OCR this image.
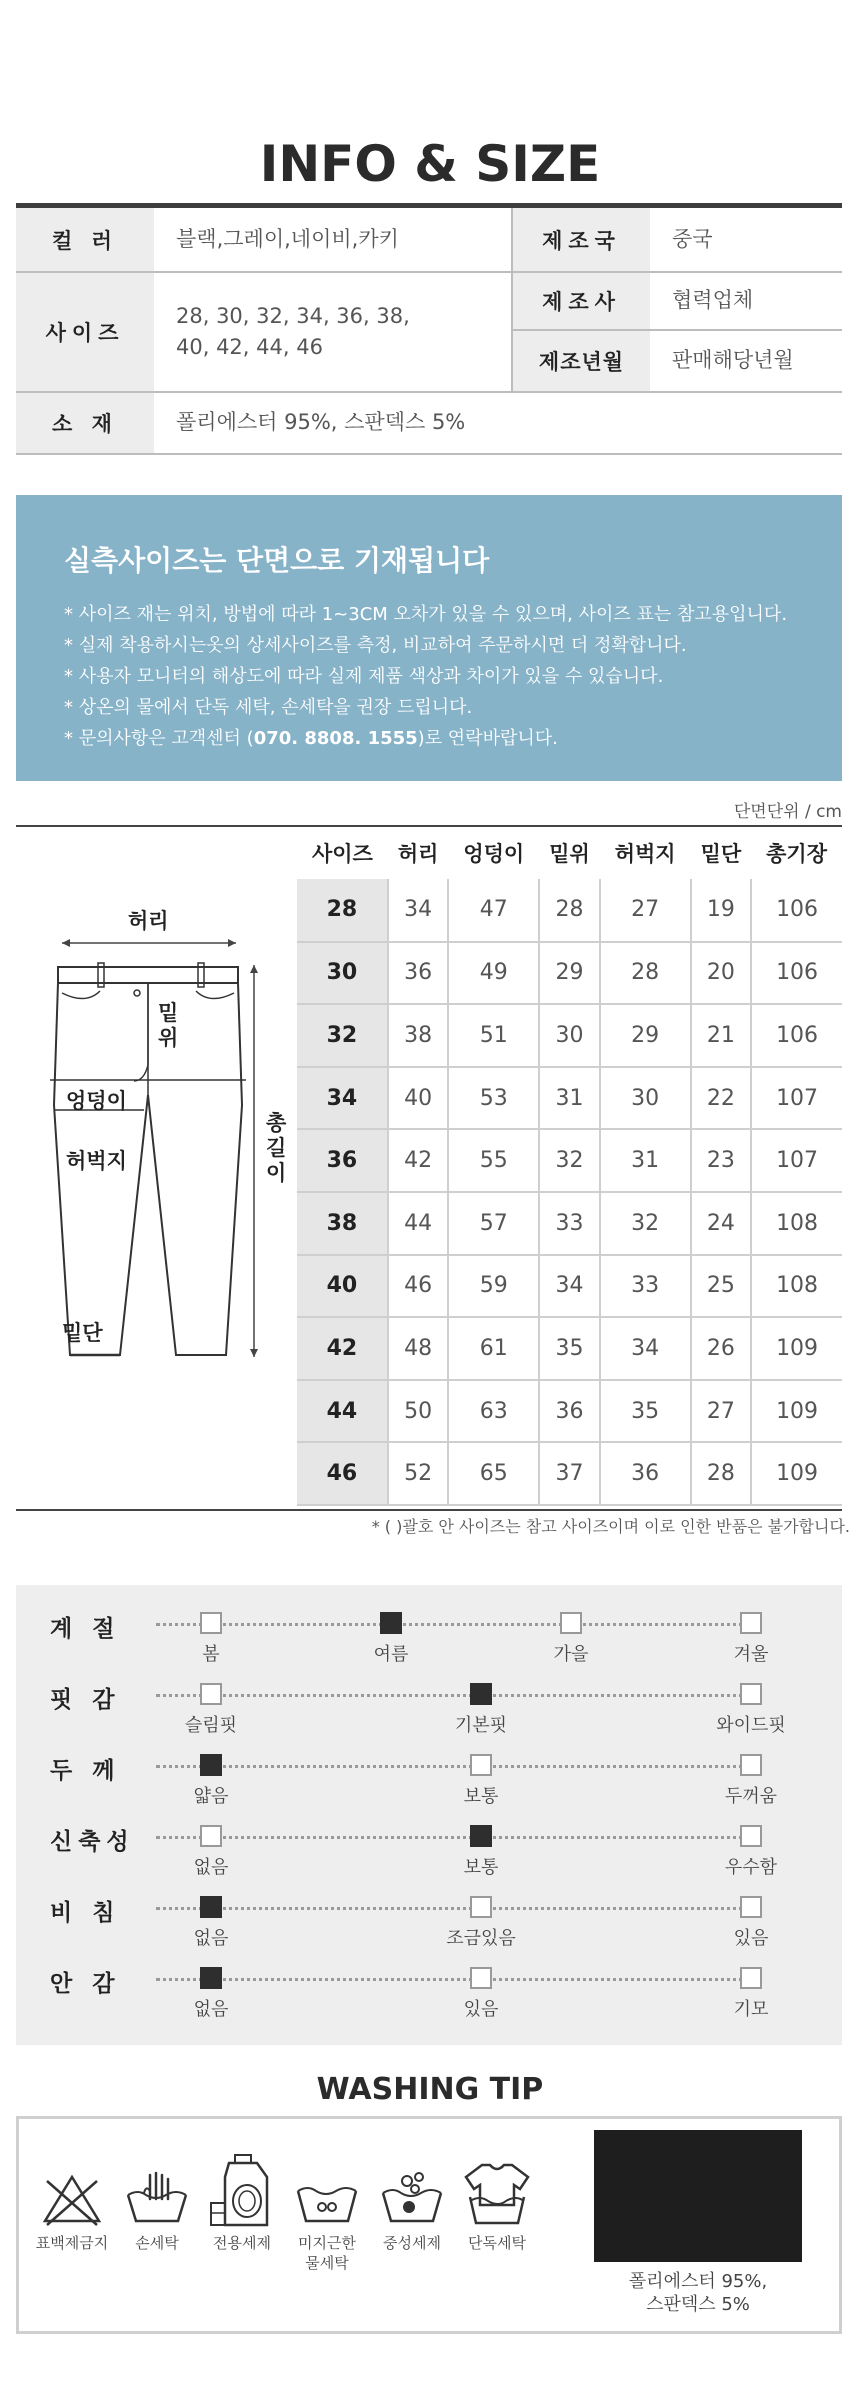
INFO & SIZE
컬 러	블랙,그레이,네이비,카키	제조국	중국
사이즈	28, 30, 32, 34, 36, 38,
40, 42, 44, 46	제조사	협력업체
		제조년월	판매해당년월
소 재	폴리에스터 95%, 스판덱스 5%		
실측사이즈는 단면으로 기재됩니다

* 사이즈 재는 위치, 방법에 따라 1~3CM 오차가 있을 수 있으며, 사이즈 표는 참고용입니다.

* 실제 착용하시는옷의 상세사이즈를 측정, 비교하여 주문하시면 더 정확합니다.

* 사용자 모니터의 해상도에 따라 실제 제품 색상과 차이가 있을 수 있습니다.

* 상온의 물에서 단독 세탁, 손세탁을 권장 드립니다.

* 문의사항은 고객센터 (070. 8808. 1555)로 연락바랍니다.

단면단위 / cm
허리
밑위
엉덩이
허벅지
밑단
총길이
사이즈	허리	엉덩이	밑위	허벅지	밑단	총기장
28	34	47	28	27	19	106
30	36	49	29	28	20	106
32	38	51	30	29	21	106
34	40	53	31	30	22	107
36	42	55	32	31	23	107
38	44	57	33	32	24	108
40	46	59	34	33	25	108
42	48	61	35	34	26	109
44	50	63	36	35	27	109
46	52	65	37	36	28	109
* ( )괄호 안 사이즈는 참고 사이즈이며 이로 인한 반품은 불가합니다.
계 절
봄	여름	가을	겨울
핏 감
슬림핏	기본핏	와이드핏
두 께
얇음	보통	두꺼움
신축성
없음	보통	우수함
비 침
없음	조금있음	있음
안 감
없음	있음	기모
WASHING TIP
표백제금지	손세탁	전용세제	미지근한
물세탁
중성세제	단독세탁
폴리에스터 95%,
스판덱스 5%
